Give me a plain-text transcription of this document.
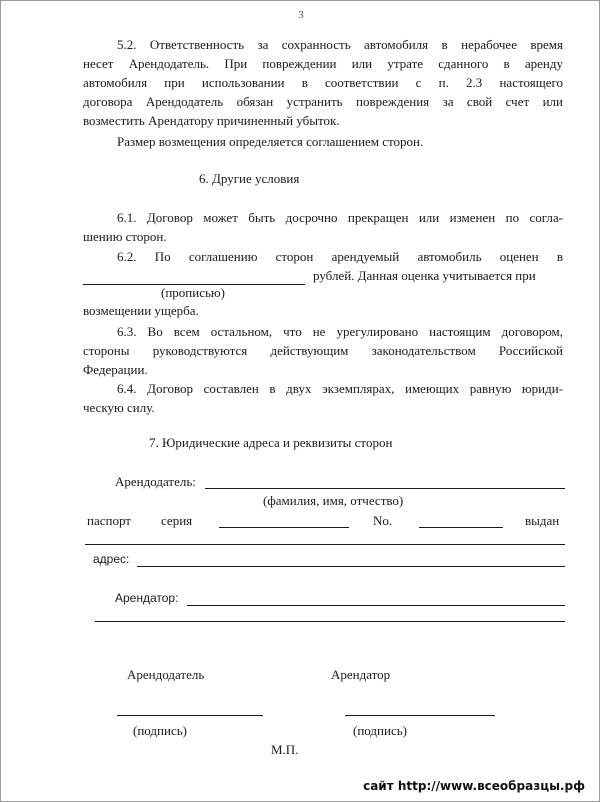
3
5.2. Ответственность за сохранность автомобиля в нерабочее время
несет Арендодатель. При повреждении или утрате сданного в аренду
автомобиля при использовании в соответствии с п. 2.3 настоящего
договора Арендодатель обязан устранить повреждения за свой счет или
возместить Арендатору причиненный убыток.
Размер возмещения определяется соглашением сторон.
6. Другие условия
6.1. Договор может быть досрочно прекращен или изменен по согла-
шению сторон.
6.2. По соглашению сторон арендуемый автомобиль оценен в
рублей. Данная оценка учитывается при
(прописью)
возмещении ущерба.
6.3. Во всем остальном, что не урегулировано настоящим договором,
стороны руководствуются действующим законодательством Российской
Федерации.
6.4. Договор составлен в двух экземплярах, имеющих равную юриди-
ческую силу.
7. Юридические адреса и реквизиты сторон
Арендодатель:
(фамилия, имя, отчество)
паспорт серия	No.	выдан
адрес:
Арендатор:
Арендодатель	Арендатор
(подпись)	(подпись)
М.П.
сайт http://www.всеобразцы.рф
